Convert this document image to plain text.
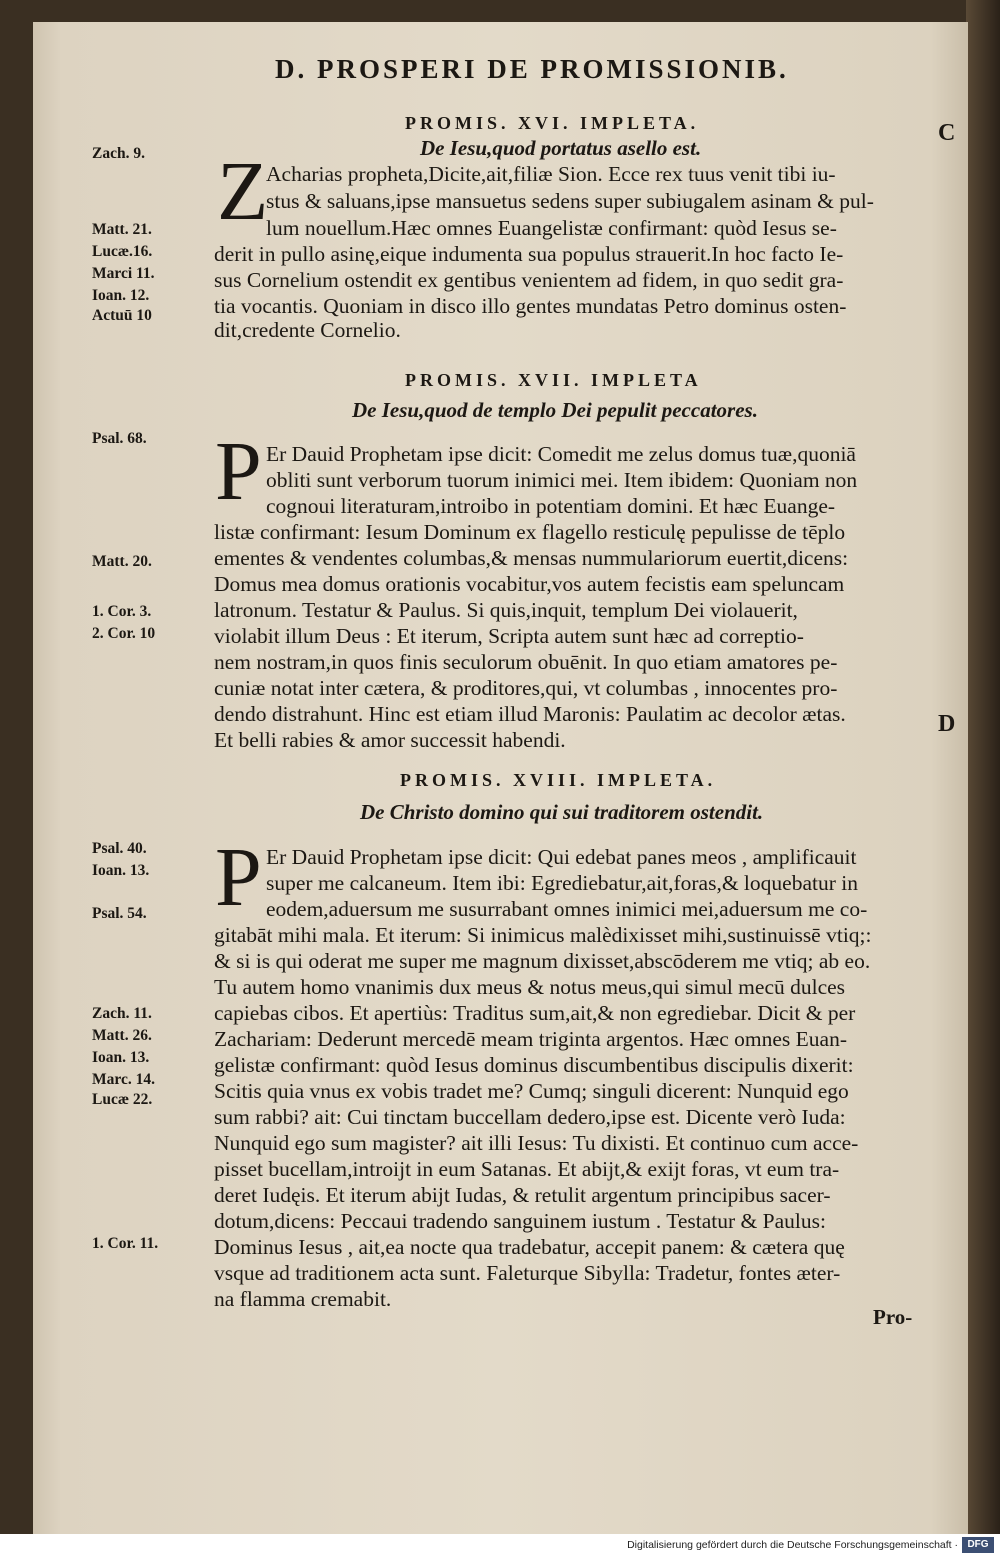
D. PROSPERI DE PROMISSIONIB.
C
PROMIS. XVI. IMPLETA.
De Iesu,quod portatus asello est.
Z
Acharias propheta,Dicite,ait,filiæ Sion. Ecce rex tuus venit tibi iu-
stus & saluans,ipse mansuetus sedens super subiugalem asinam & pul-
lum nouellum.Hæc omnes Euangelistæ confirmant: quòd Iesus se-
derit in pullo asinę,eique indumenta sua populus strauerit.In hoc facto Ie-
sus Cornelium ostendit ex gentibus venientem ad fidem, in quo sedit gra-
tia vocantis. Quoniam in disco illo gentes mundatas Petro dominus osten-
dit,credente Cornelio.
Zach. 9.
Matt. 21.
Lucæ.16.
Marci 11.
Ioan. 12.
Actuū 10
PROMIS. XVII. IMPLETA
De Iesu,quod de templo Dei pepulit peccatores.
P Er Dauid Prophetam ipse dicit: Comedit me zelus domus tuæ,quoniā
obliti sunt verborum tuorum inimici mei. Item ibidem: Quoniam non
cognoui literaturam,introibo in potentiam domini. Et hæc Euange-
listæ confirmant: Iesum Dominum ex flagello resticulę pepulisse de tēplo
ementes & vendentes columbas,& mensas nummulariorum euertit,dicens:
Domus mea domus orationis vocabitur,vos autem fecistis eam speluncam
latronum. Testatur & Paulus. Si quis,inquit, templum Dei violauerit,
violabit illum Deus : Et iterum, Scripta autem sunt hæc ad correptio-
nem nostram,in quos finis seculorum obuēnit. In quo etiam amatores pe-
cuniæ notat inter cætera, & proditores,qui, vt columbas , innocentes pro-
dendo distrahunt. Hinc est etiam illud Maronis: Paulatim ac decolor ætas.
Et belli rabies & amor successit habendi.
Psal. 68.
Matt. 20.
1. Cor. 3.
2. Cor. 10
D
PROMIS. XVIII. IMPLETA.
De Christo domino qui sui traditorem ostendit.
P Er Dauid Prophetam ipse dicit: Qui edebat panes meos , amplificauit
super me calcaneum. Item ibi: Egrediebatur,ait,foras,& loquebatur in
eodem,aduersum me susurrabant omnes inimici mei,aduersum me co-
gitabāt mihi mala. Et iterum: Si inimicus malèdixisset mihi,sustinuissē vtiq;:
& si is qui oderat me super me magnum dixisset,abscōderem me vtiq; ab eo.
Tu autem homo vnanimis dux meus & notus meus,qui simul mecū dulces
capiebas cibos. Et apertiùs: Traditus sum,ait,& non egrediebar. Dicit & per
Zachariam: Dederunt mercedē meam triginta argentos. Hæc omnes Euan-
gelistæ confirmant: quòd Iesus dominus discumbentibus discipulis dixerit:
Scitis quia vnus ex vobis tradet me? Cumq; singuli dicerent: Nunquid ego
sum rabbi? ait: Cui tinctam buccellam dedero,ipse est. Dicente verò Iuda:
Nunquid ego sum magister? ait illi Iesus: Tu dixisti. Et continuo cum acce-
pisset bucellam,introijt in eum Satanas. Et abijt,& exijt foras, vt eum tra-
deret Iudęis. Et iterum abijt Iudas, & retulit argentum principibus sacer-
dotum,dicens: Peccaui tradendo sanguinem iustum . Testatur & Paulus:
Dominus Iesus , ait,ea nocte qua tradebatur, accepit panem: & cætera quę
vsque ad traditionem acta sunt. Faleturque Sibylla: Tradetur, fontes æter-
na flamma cremabit.
Psal. 40.
Ioan. 13.
Psal. 54.
Zach. 11.
Matt. 26.
Ioan. 13.
Marc. 14.
Lucæ 22.
1. Cor. 11.
Pro-
Digitalisierung gefördert durch die Deutsche Forschungsgemeinschaft · DFG
